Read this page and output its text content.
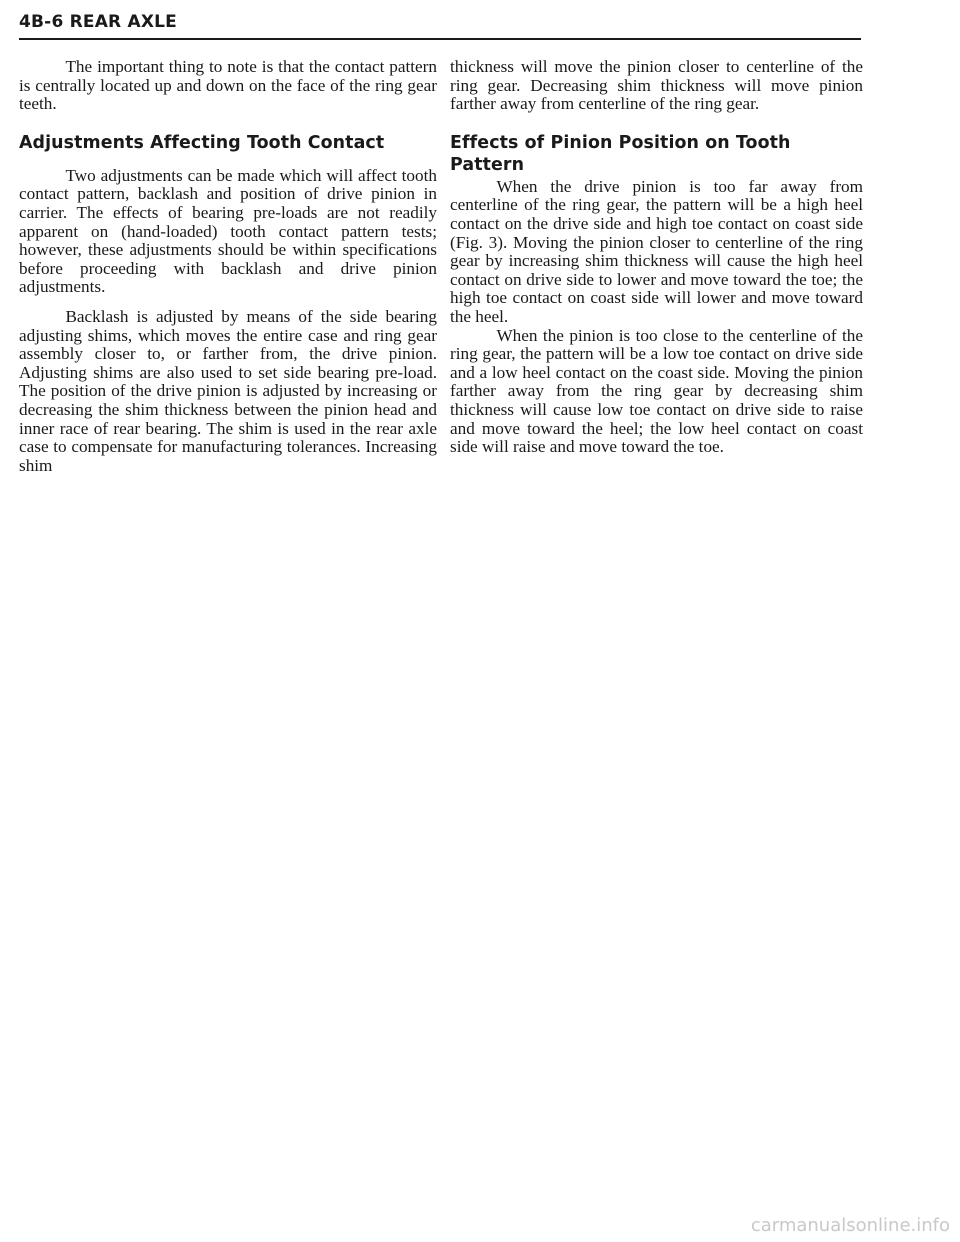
4B-6 REAR AXLE

The important thing to note is that the contact pattern is centrally located up and down on the face of the ring gear teeth.

Adjustments Affecting Tooth Contact

Two adjustments can be made which will affect tooth contact pattern, backlash and position of drive pinion in carrier. The effects of bearing pre-loads are not readily apparent on (hand-loaded) tooth contact pattern tests; however, these adjustments should be within specifications before proceeding with backlash and drive pinion adjustments.

Backlash is adjusted by means of the side bearing adjusting shims, which moves the entire case and ring gear assembly closer to, or farther from, the drive pinion. Adjusting shims are also used to set side bearing pre-load. The position of the drive pinion is adjusted by increasing or decreasing the shim thickness between the pinion head and inner race of rear bearing. The shim is used in the rear axle case to compensate for manufacturing tolerances. Increasing shim

thickness will move the pinion closer to centerline of the ring gear. Decreasing shim thickness will move pinion farther away from centerline of the ring gear.

Effects of Pinion Position on Tooth Pattern

When the drive pinion is too far away from centerline of the ring gear, the pattern will be a high heel contact on the drive side and high toe contact on coast side (Fig. 3). Moving the pinion closer to centerline of the ring gear by increasing shim thickness will cause the high heel contact on drive side to lower and move toward the toe; the high toe contact on coast side will lower and move toward the heel.

When the pinion is too close to the centerline of the ring gear, the pattern will be a low toe contact on drive side and a low heel contact on the coast side. Moving the pinion farther away from the ring gear by decreasing shim thickness will cause low toe contact on drive side to raise and move toward the heel; the low heel contact on coast side will raise and move toward the toe.

carmanualsonline.info
